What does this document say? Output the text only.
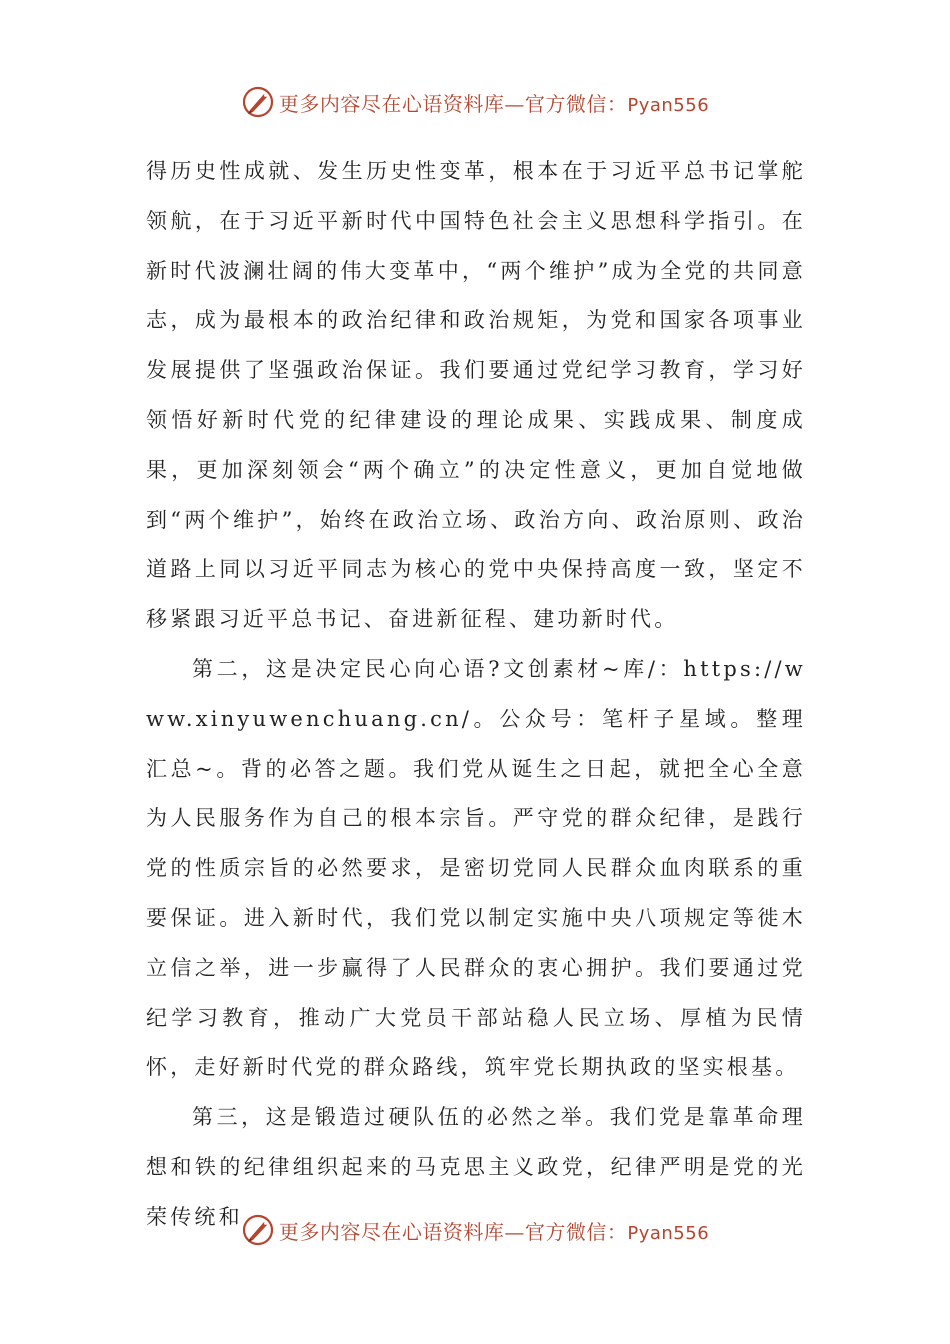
更多内容尽在心语资料库—官方微信：Pyan556

得历史性成就、发生历史性变革，根本在于习近平总书记掌舵领航，在于习近平新时代中国特色社会主义思想科学指引。在新时代波澜壮阔的伟大变革中，“两个维护”成为全党的共同意志，成为最根本的政治纪律和政治规矩，为党和国家各项事业发展提供了坚强政治保证。我们要通过党纪学习教育，学习好领悟好新时代党的纪律建设的理论成果、实践成果、制度成果，更加深刻领会“两个确立”的决定性意义，更加自觉地做到“两个维护”，始终在政治立场、政治方向、政治原则、政治道路上同以习近平同志为核心的党中央保持高度一致，坚定不移紧跟习近平总书记、奋进新征程、建功新时代。

第二，这是决定民心向心语?文创素材~库/：https://www.xinyuwenchuang.cn/。公众号：笔杆子星域。整理汇总~。背的必答之题。我们党从诞生之日起，就把全心全意为人民服务作为自己的根本宗旨。严守党的群众纪律，是践行党的性质宗旨的必然要求，是密切党同人民群众血肉联系的重要保证。进入新时代，我们党以制定实施中央八项规定等徙木立信之举，进一步赢得了人民群众的衷心拥护。我们要通过党纪学习教育，推动广大党员干部站稳人民立场、厚植为民情怀，走好新时代党的群众路线，筑牢党长期执政的坚实根基。

第三，这是锻造过硬队伍的必然之举。我们党是靠革命理想和铁的纪律组织起来的马克思主义政党，纪律严明是党的光荣传统和

更多内容尽在心语资料库—官方微信：Pyan556
